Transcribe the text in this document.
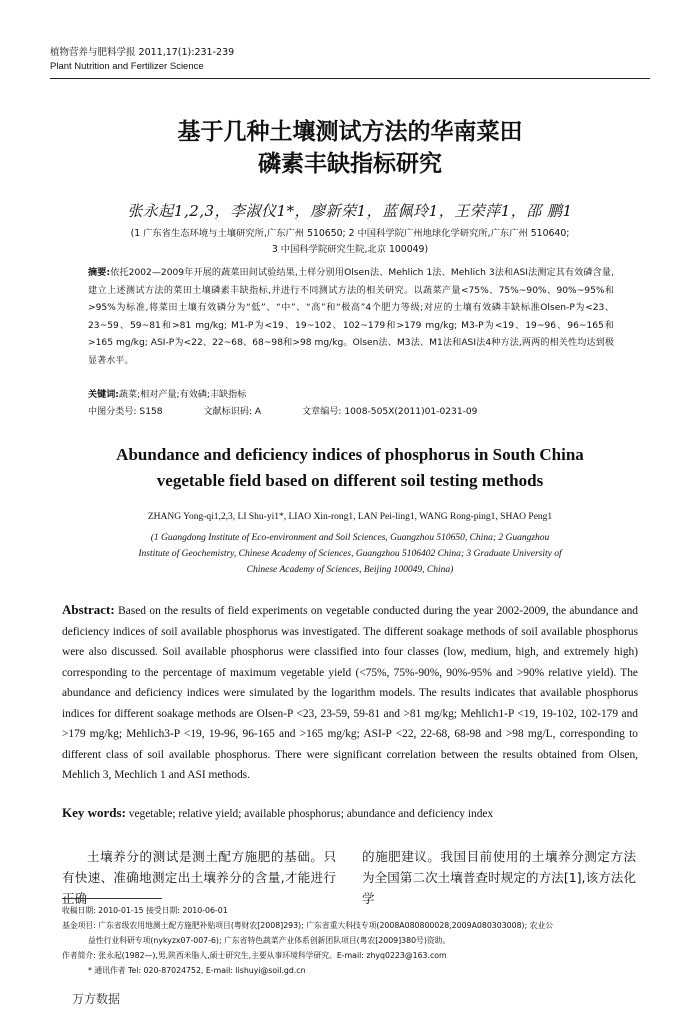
植物营养与肥料学报 2011,17(1):231-239
Plant Nutrition and Fertilizer Science
基于几种土壤测试方法的华南菜田
磷素丰缺指标研究
张永起1,2,3，李淑仪1*，廖新荣1，蓝佩玲1，王荣萍1，邵 鹏1
(1 广东省生态环境与土壤研究所,广东广州 510650; 2 中国科学院广州地球化学研究所,广东广州 510640;
3 中国科学院研究生院,北京 100049)
摘要:依托2002—2009年开展的蔬菜田间试验结果,土样分别用Olsen法、Mehlich 1法、Mehlich 3法和ASI法测定其有效磷含量,建立上述测试方法的菜田土壤磷素丰缺指标,并进行不同测试方法的相关研究。以蔬菜产量<75%、75%~90%、90%~95%和>95%为标准,将菜田土壤有效磷分为“低”、“中”、“高”和“极高”4个肥力等级;对应的土壤有效磷丰缺标准Olsen-P为<23、23~59、59~81和>81 mg/kg; M1-P为<19、19~102、102~179和>179 mg/kg; M3-P为<19、19~96、96~165和>165 mg/kg; ASI-P为<22、22~68、68~98和>98 mg/kg。Olsen法、M3法、M1法和ASI法4种方法,两两的相关性均达到极显著水平。
关键词:蔬菜;相对产量;有效磷;丰缺指标
中图分类号: S158	文献标识码: A	文章编号: 1008-505X(2011)01-0231-09
Abundance and deficiency indices of phosphorus in South China
vegetable field based on different soil testing methods
ZHANG Yong-qi1,2,3, LI Shu-yi1*, LIAO Xin-rong1, LAN Pei-ling1, WANG Rong-ping1, SHAO Peng1
(1 Guangdong Institute of Eco-environment and Soil Sciences, Guangzhou 510650, China; 2 Guangzhou
Institute of Geochemistry, Chinese Academy of Sciences, Guangzhou 5106402 China; 3 Graduate University of
Chinese Academy of Sciences, Beijing 100049, China)
Abstract: Based on the results of field experiments on vegetable conducted during the year 2002-2009, the abundance and deficiency indices of soil available phosphorus was investigated. The different soakage methods of soil available phosphorus were also discussed. Soil available phosphorus were classified into four classes (low, medium, high, and extremely high) corresponding to the percentage of maximum vegetable yield (<75%, 75%-90%, 90%-95% and >90% relative yield). The abundance and deficiency indices were simulated by the logarithm models. The results indicates that available phosphorus indices for different soakage methods are Olsen-P <23, 23-59, 59-81 and >81 mg/kg; Mehlich1-P <19, 19-102, 102-179 and >179 mg/kg; Mehlich3-P <19, 19-96, 96-165 and >165 mg/kg; ASI-P <22, 22-68, 68-98 and >98 mg/L, corresponding to different class of soil available phosphorus. There were significant correlation between the results obtained from Olsen, Mehlich 3, Mechlich 1 and ASI methods.
Key words: vegetable; relative yield; available phosphorus; abundance and deficiency index
土壤养分的测试是测土配方施肥的基础。只有快速、准确地测定出土壤养分的含量,才能进行正确
的施肥建议。我国目前使用的土壤养分测定方法为全国第二次土壤普查时规定的方法[1],该方法化学
收稿日期: 2010-01-15 接受日期: 2010-06-01
基金项目: 广东省级农用地测土配方施肥补贴项目(粤财农[2008]293); 广东省重大科技专项(2008A080800028,2009A080303008); 农业公
益性行业科研专项(nykyzx07-007-6); 广东省特色蔬菜产业体系创新团队项目(粤农[2009]380号)资助。
作者简介: 张永起(1982—),男,陕西米脂人,硕士研究生,主要从事环境科学研究。E-mail: zhyq0223@163.com
* 通讯作者 Tel: 020-87024752, E-mail: lishuyi@soil.gd.cn
万方数据
